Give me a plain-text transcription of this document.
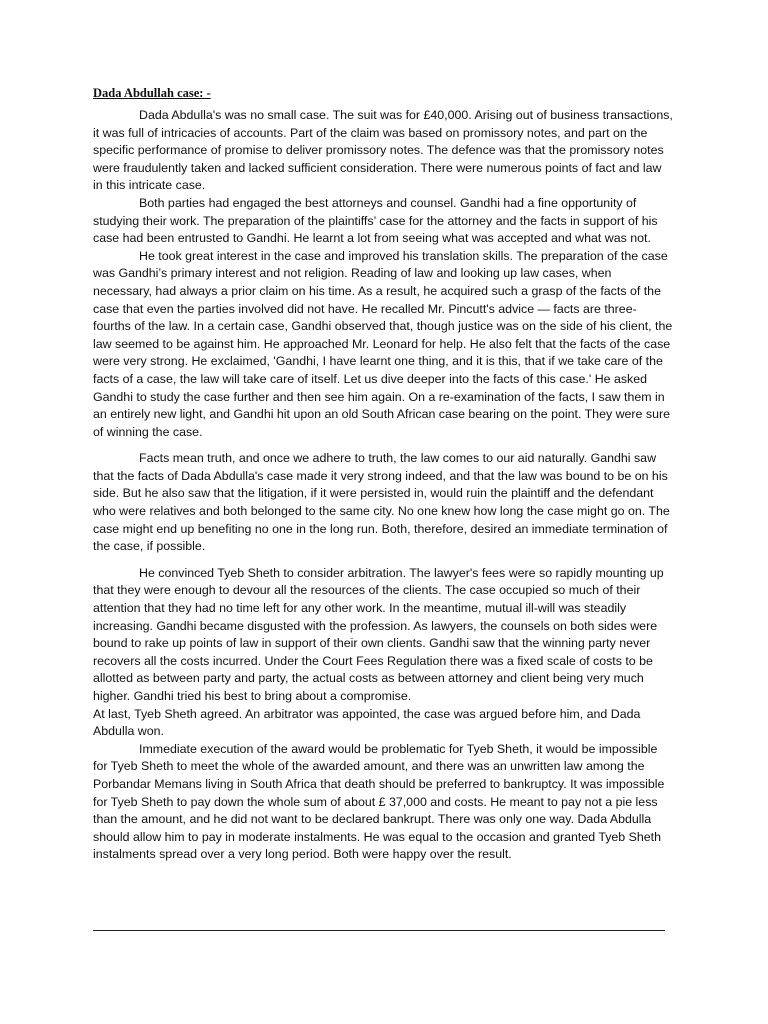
Dada Abdullah case: -

Dada Abdulla's was no small case. The suit was for £40,000. Arising out of business transactions, it was full of intricacies of accounts. Part of the claim was based on promissory notes, and part on the specific performance of promise to deliver promissory notes. The defence was that the promissory notes were fraudulently taken and lacked sufficient consideration. There were numerous points of fact and law in this intricate case.

Both parties had engaged the best attorneys and counsel. Gandhi had a fine opportunity of studying their work. The preparation of the plaintiffs’ case for the attorney and the facts in support of his case had been entrusted to Gandhi. He learnt a lot from seeing what was accepted and what was not.

He took great interest in the case and improved his translation skills. The preparation of the case was Gandhi’s primary interest and not religion. Reading of law and looking up law cases, when necessary, had always a prior claim on his time. As a result, he acquired such a grasp of the facts of the case that even the parties involved did not have. He recalled Mr. Pincutt's advice — facts are three-fourths of the law. In a certain case, Gandhi observed that, though justice was on the side of his client, the law seemed to be against him. He approached Mr. Leonard for help. He also felt that the facts of the case were very strong. He exclaimed, 'Gandhi, I have learnt one thing, and it is this, that if we take care of the facts of a case, the law will take care of itself. Let us dive deeper into the facts of this case.' He asked Gandhi to study the case further and then see him again. On a re-examination of the facts, I saw them in an entirely new light, and Gandhi hit upon an old South African case bearing on the point. They were sure of winning the case.

Facts mean truth, and once we adhere to truth, the law comes to our aid naturally. Gandhi saw that the facts of Dada Abdulla's case made it very strong indeed, and that the law was bound to be on his side. But he also saw that the litigation, if it were persisted in, would ruin the plaintiff and the defendant who were relatives and both belonged to the same city. No one knew how long the case might go on. The case might end up benefiting no one in the long run. Both, therefore, desired an immediate termination of the case, if possible.

He convinced Tyeb Sheth to consider arbitration. The lawyer's fees were so rapidly mounting up that they were enough to devour all the resources of the clients. The case occupied so much of their attention that they had no time left for any other work. In the meantime, mutual ill-will was steadily increasing. Gandhi became disgusted with the profession. As lawyers, the counsels on both sides were bound to rake up points of law in support of their own clients. Gandhi saw that the winning party never recovers all the costs incurred. Under the Court Fees Regulation there was a fixed scale of costs to be allotted as between party and party, the actual costs as between attorney and client being very much higher. Gandhi tried his best to bring about a compromise.

At last, Tyeb Sheth agreed. An arbitrator was appointed, the case was argued before him, and Dada Abdulla won.

Immediate execution of the award would be problematic for Tyeb Sheth, it would be impossible for Tyeb Sheth to meet the whole of the awarded amount, and there was an unwritten law among the Porbandar Memans living in South Africa that death should be preferred to bankruptcy. It was impossible for Tyeb Sheth to pay down the whole sum of about £ 37,000 and costs. He meant to pay not a pie less than the amount, and he did not want to be declared bankrupt. There was only one way. Dada Abdulla should allow him to pay in moderate instalments. He was equal to the occasion and granted Tyeb Sheth instalments spread over a very long period. Both were happy over the result.
